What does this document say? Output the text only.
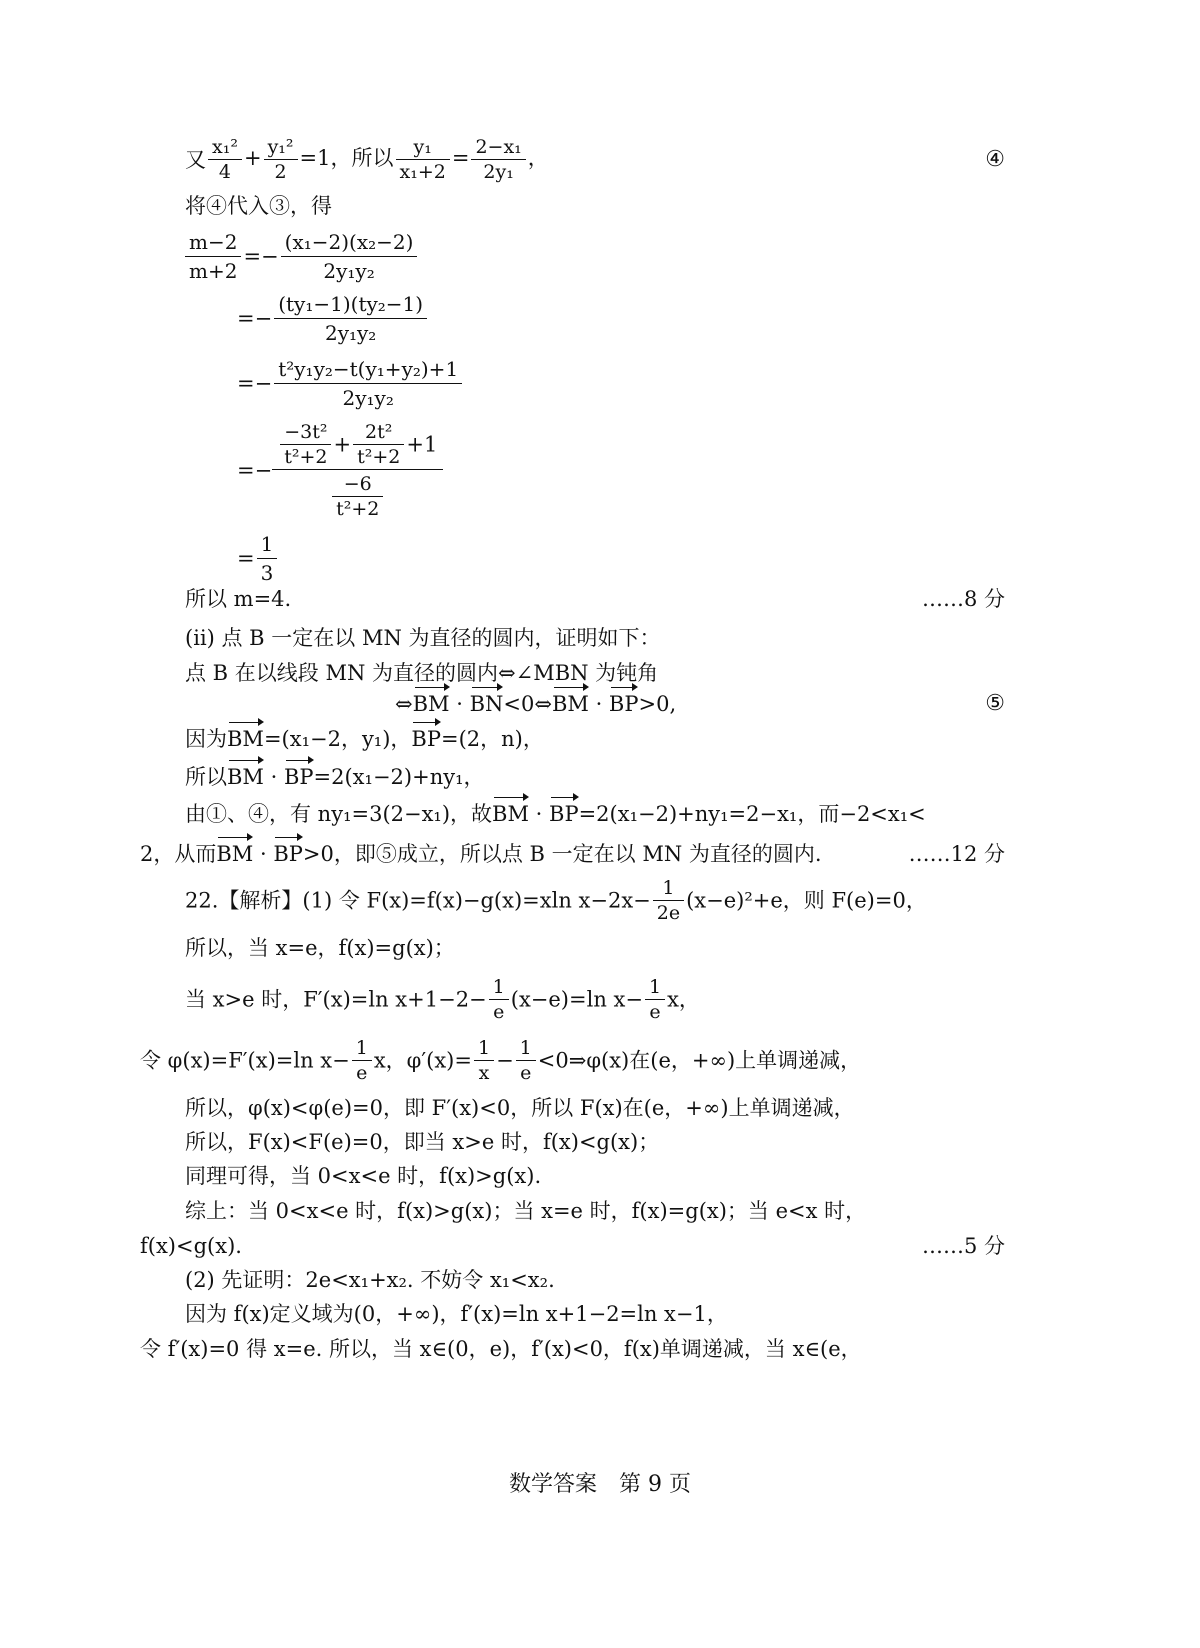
又 $\frac{\text{x₁²}}{4} + \frac{\text{y₁²}}{2} =1$，所以 $\frac{\text{y₁}}{\text{x₁+2}} = \frac{\text{2−x₁}}{\text{2y₁}}$ ，	④
将④代入③，得
$\frac{m-2}{m+2} =- \frac{\text{(x₁−2)(x₂−2)}}{\text{2y₁y₂}}$
=− $\frac{\text{(ty₁−1)(ty₂−1)}}{\text{2y₁y₂}}$
=− $\frac{\text{t²y₁y₂−t(y₁+y₂)+1}}{\text{2y₁y₂}}$
=− $\frac{\frac{\text{−3t²}}{\text{t²+2}} + \frac{\text{2t²}}{\text{t²+2}} +1}{\frac{-6}{\text{t²+2}}}$
= $\frac{1}{3}$
所以 m=4.	……8 分
(ⅱ) 点 B 一定在以 MN 为直径的圆内，证明如下：
点 B 在以线段 MN 为直径的圆内⇔∠MBN 为钝角
⇔BM · BN<0⇔BM · BP>0,	⑤
因为BM=(x₁−2，y₁)，BP=(2，n)，
所以BM · BP=2(x₁−2)+ny₁，
由①、④，有 ny₁=3(2−x₁)，故BM · BP=2(x₁−2)+ny₁=2−x₁，而−2<x₁<
2，从而BM · BP>0，即⑤成立，所以点 B 一定在以 MN 为直径的圆内.	……12 分
22.【解析】(1) 令 F(x)=f(x)−g(x)=xln $x-2x- \frac{1}{2e} (x-e)^2+e$，则 F(e)=0，
所以，当 x=e，f(x)=g(x)；
当 x>e 时，F′(x)=ln $x+1-2- \frac{1}{e} (x-e)=\ln$ $x- \frac{1}{e}$ x，
令 φ(x)=F′(x)=ln $x- \frac{1}{e}$ x，$\varphi'(x)= \frac{1}{x} - \frac{1}{e}$ <0⇒φ(x)在(e，+∞)上单调递减，
所以，φ(x)<φ(e)=0，即 F′(x)<0，所以 F(x)在(e，+∞)上单调递减，
所以，F(x)<F(e)=0，即当 x>e 时，f(x)<g(x)；
同理可得，当 0<x<e 时，f(x)>g(x).
综上：当 0<x<e 时，f(x)>g(x)；当 x=e 时，f(x)=g(x)；当 e<x 时，
f(x)<g(x).	……5 分
(2) 先证明：2e<x₁+x₂. 不妨令 x₁<x₂.
因为 f(x)定义域为(0，+∞)，f′(x)=ln x+1−2=ln x−1，
令 f′(x)=0 得 x=e. 所以，当 x∈(0，e)，f′(x)<0，f(x)单调递减，当 x∈(e，
数学答案　第 9 页
